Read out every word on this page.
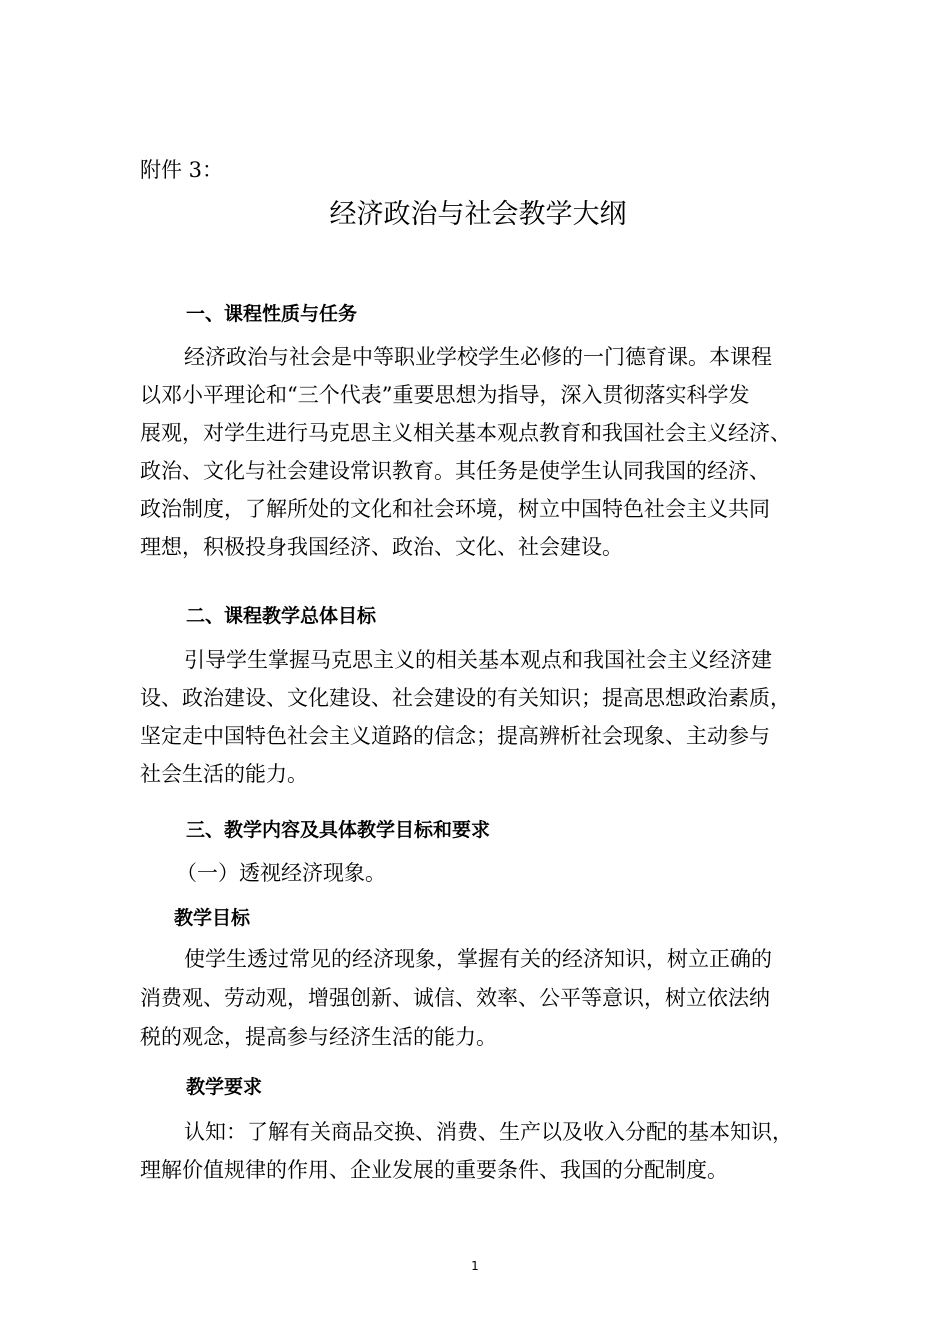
附件 3：
经济政治与社会教学大纲
一、课程性质与任务
经济政治与社会是中等职业学校学生必修的一门德育课。本课程
以邓小平理论和“三个代表”重要思想为指导，深入贯彻落实科学发
展观，对学生进行马克思主义相关基本观点教育和我国社会主义经济、
政治、文化与社会建设常识教育。其任务是使学生认同我国的经济、
政治制度，了解所处的文化和社会环境，树立中国特色社会主义共同
理想，积极投身我国经济、政治、文化、社会建设。
二、课程教学总体目标
引导学生掌握马克思主义的相关基本观点和我国社会主义经济建
设、政治建设、文化建设、社会建设的有关知识；提高思想政治素质，
坚定走中国特色社会主义道路的信念；提高辨析社会现象、主动参与
社会生活的能力。
三、教学内容及具体教学目标和要求
（一）透视经济现象。
教学目标
使学生透过常见的经济现象，掌握有关的经济知识，树立正确的
消费观、劳动观，增强创新、诚信、效率、公平等意识，树立依法纳
税的观念，提高参与经济生活的能力。
教学要求
认知：了解有关商品交换、消费、生产以及收入分配的基本知识，
理解价值规律的作用、企业发展的重要条件、我国的分配制度。
1
